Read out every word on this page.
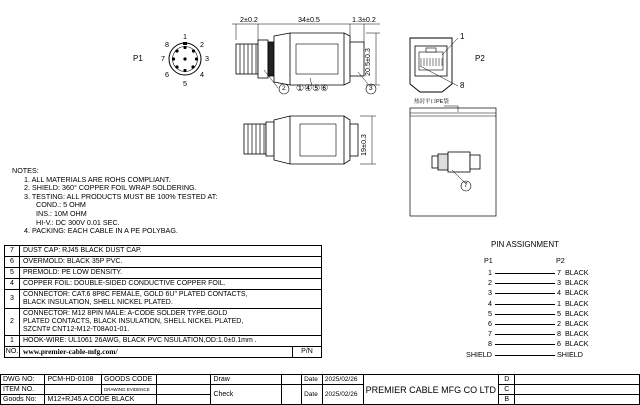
P1	P2
1
2
3
4
5
6
7
8
2±0.2	34±0.5	1.3±0.2
20.5±0.3
19±0.3
2 ①④⑤⑥	3
1
8
7
热封平口PE袋
NOTES:
1. ALL MATERIALS ARE ROHS COMPLIANT.
2. SHIELD: 360° COPPER FOIL WRAP SOLDERING.
3. TESTING: ALL PRODUCTS MUST BE 100% TESTED AT:
COND.: 5 OHM
INS.: 10M OHM
HI-V.: DC 300V 0.01 SEC.
4. PACKING: EACH CABLE IN A PE POLYBAG.
7	DUST CAP: RJ45 BLACK DUST CAP.	
6	OVERMOLD: BLACK 35P PVC.	
5	PREMOLD: PE LOW DENSITY.	
4	COPPER FOIL: DOUBLE-SIDED CONDUCTIVE COPPER FOIL.	
3	CONNECTOR: CAT.6 8P8C FEMALE, GOLD 6U" PLATED CONTACTS,
BLACK INSULATION, SHELL NICKEL PLATED.	

2	CONNECTOR: M12 8PIN MALE: A-CODE SOLDER TYPE.GOLD
PLATED CONTACTS, BLACK INSULATION, SHELL NICKEL PLATED,
SZCNT# CNT12-M12-T08A01-01.	

1	HOOK-WIRE: UL1061 26AWG, BLACK PVC NSULATION,OD:1.0±0.1mm .	
NO.	www.premier-cable-mfg.com/	P/N
PIN ASSIGNMENT
P1	P2
1	7 BLACK
2	3 BLACK
3	4 BLACK
4	1 BLACK
5	5 BLACK
6	2 BLACK
7	8 BLACK
8	6 BLACK
SHIELD	SHIELD
DWG NO:	PCM-HD-0108	GOODS CODE		Draw		Date	2025/02/26	PREMIER CABLE MFG CO LTD	D	
ITEM NO.		DRAWING EVIDENCE		Check		Date	2025/02/26		C	
Goods No:	M12+RJ45 A CODE BLACK								B	
